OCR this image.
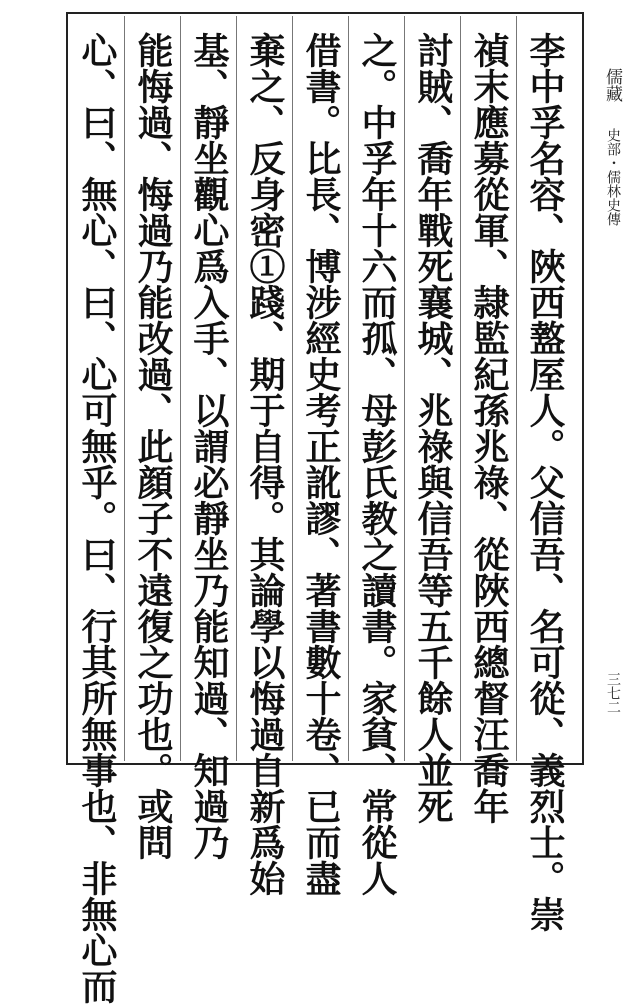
心、曰、無心、曰、心可無乎。曰、行其所無事也、非無心而 能悔過、悔過乃能改過、此顔子不遠復之功也。或問 基、靜坐觀心爲入手、以謂必靜坐乃能知過、知過乃 棄之、反身密①踐、期于自得。其論學以悔過自新爲始 借書。比長、博涉經史考正訛謬、著書數十卷、已而盡 之。中孚年十六而孤、母彭氏教之讀書。家貧、常從人 討賊、喬年戰死襄城、兆祿與信吾等五千餘人並死 禎末應募從軍、隷監紀孫兆祿、從陜西總督汪喬年 李中孚名容、陜西盩厔人。父信吾、名可從、義烈士。崇 儒藏
史部・儒林史傳
三七二
